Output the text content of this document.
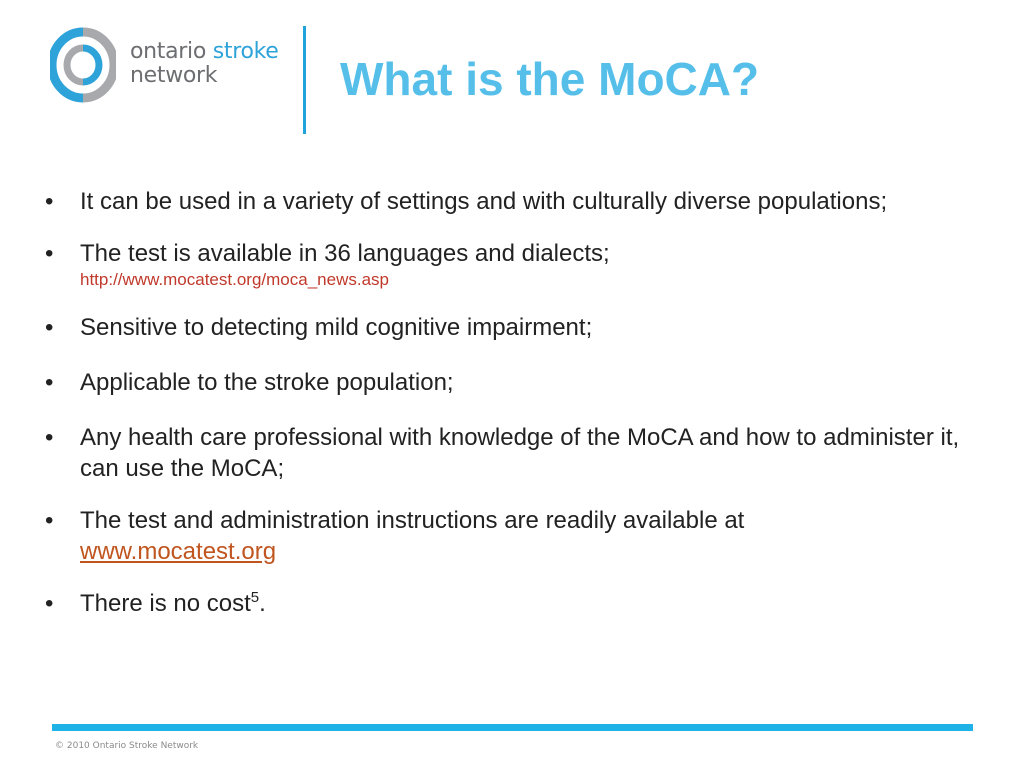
ontario stroke
network	What is the MoCA?
• It can be used in a variety of settings and with culturally diverse populations;
• The test is available in 36 languages and dialects;
http://www.mocatest.org/moca_news.asp
• Sensitive to detecting mild cognitive impairment;
• Applicable to the stroke population;
• Any health care professional with knowledge of the MoCA and how to administer it, can use the MoCA;
• The test and administration instructions are readily available at
www.mocatest.org
• There is no cost$^5$.
© 2010 Ontario Stroke Network
